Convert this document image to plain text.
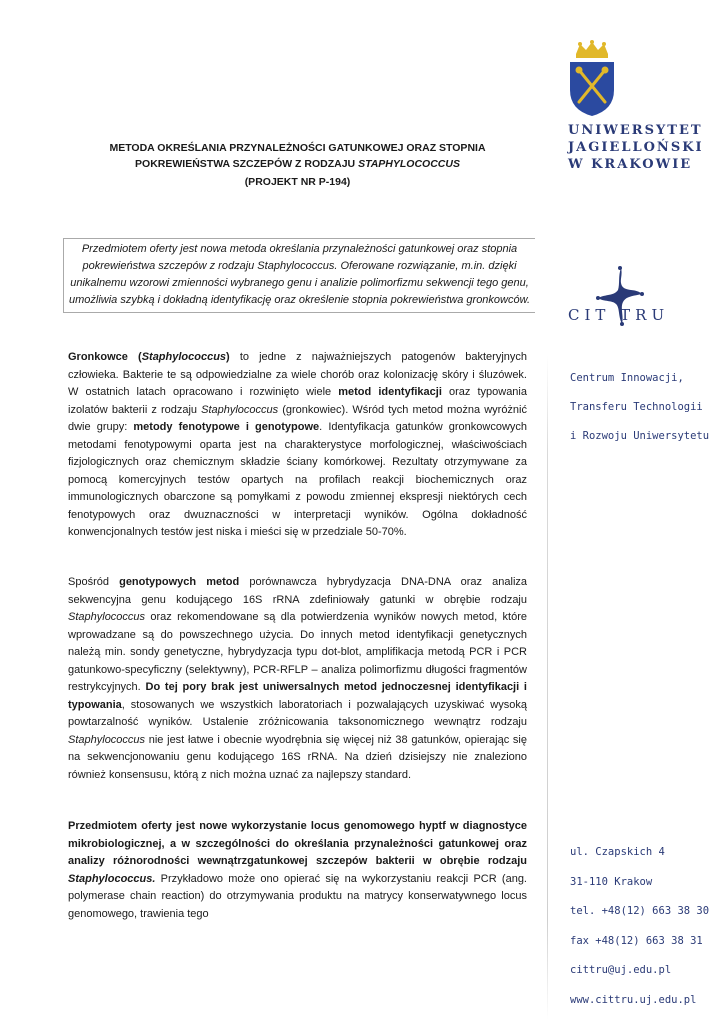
UNIWERSYTET
JAGIELLOŃSKI
W KRAKOWIE
CIT TRU
Centrum Innowacji,
Transferu Technologii
i Rozwoju Uniwersytetu
ul. Czapskich 4
31-110 Krakow
tel. +48(12) 663 38 30
fax +48(12) 663 38 31
cittru@uj.edu.pl
www.cittru.uj.edu.pl
METODA OKREŚLANIA PRZYNALEŻNOŚCI GATUNKOWEJ ORAZ STOPNIA
POKREWIEŃSTWA SZCZEPÓW Z RODZAJU STAPHYLOCOCCUS
(PROJEKT NR P-194)
Przedmiotem oferty jest nowa metoda określania przynależności gatunkowej oraz stopnia pokrewieństwa szczepów z rodzaju Staphylococcus. Oferowane rozwiązanie, m.in. dzięki unikalnemu wzorowi zmienności wybranego genu i analizie polimorfizmu sekwencji tego genu, umożliwia szybką i dokładną identyfikację oraz określenie stopnia pokrewieństwa gronkowców.

Gronkowce (Staphylococcus) to jedne z najważniejszych patogenów bakteryjnych człowieka. Bakterie te są odpowiedzialne za wiele chorób oraz kolonizację skóry i śluzówek. W ostatnich latach opracowano i rozwinięto wiele metod identyfikacji oraz typowania izolatów bakterii z rodzaju Staphylococcus (gronkowiec). Wśród tych metod można wyróżnić dwie grupy: metody fenotypowe i genotypowe. Identyfikacja gatunków gronkowcowych metodami fenotypowymi oparta jest na charakterystyce morfologicznej, właściwościach fizjologicznych oraz chemicznym składzie ściany komórkowej. Rezultaty otrzymywane za pomocą komercyjnych testów opartych na profilach reakcji biochemicznych oraz immunologicznych obarczone są pomyłkami z powodu zmiennej ekspresji niektórych cech fenotypowych oraz dwuznaczności w interpretacji wyników. Ogólna dokładność konwencjonalnych testów jest niska i mieści się w przedziale 50-70%.

Spośród genotypowych metod porównawcza hybrydyzacja DNA-DNA oraz analiza sekwencyjna genu kodującego 16S rRNA zdefiniowały gatunki w obrębie rodzaju Staphylococcus oraz rekomendowane są dla potwierdzenia wyników nowych metod, które wprowadzane są do powszechnego użycia. Do innych metod identyfikacji genetycznych należą min. sondy genetyczne, hybrydyzacja typu dot-blot, amplifikacja metodą PCR i PCR gatunkowo-specyficzny (selektywny), PCR-RFLP – analiza polimorfizmu długości fragmentów restrykcyjnych. Do tej pory brak jest uniwersalnych metod jednoczesnej identyfikacji i typowania, stosowanych we wszystkich laboratoriach i pozwalających uzyskiwać wysoką powtarzalność wyników. Ustalenie zróżnicowania taksonomicznego wewnątrz rodzaju Staphylococcus nie jest łatwe i obecnie wyodrębnia się więcej niż 38 gatunków, opierając się na sekwencjonowaniu genu kodującego 16S rRNA. Na dzień dzisiejszy nie znaleziono również konsensusu, którą z nich można uznać za najlepszy standard.

Przedmiotem oferty jest nowe wykorzystanie locus genomowego hyptf w diagnostyce mikrobiologicznej, a w szczególności do określania przynależności gatunkowej oraz analizy różnorodności wewnątrzgatunkowej szczepów bakterii w obrębie rodzaju Staphylococcus. Przykładowo może ono opierać się na wykorzystaniu reakcji PCR (ang. polymerase chain reaction) do otrzymywania produktu na matrycy konserwatywnego locus genomowego, trawienia tego
